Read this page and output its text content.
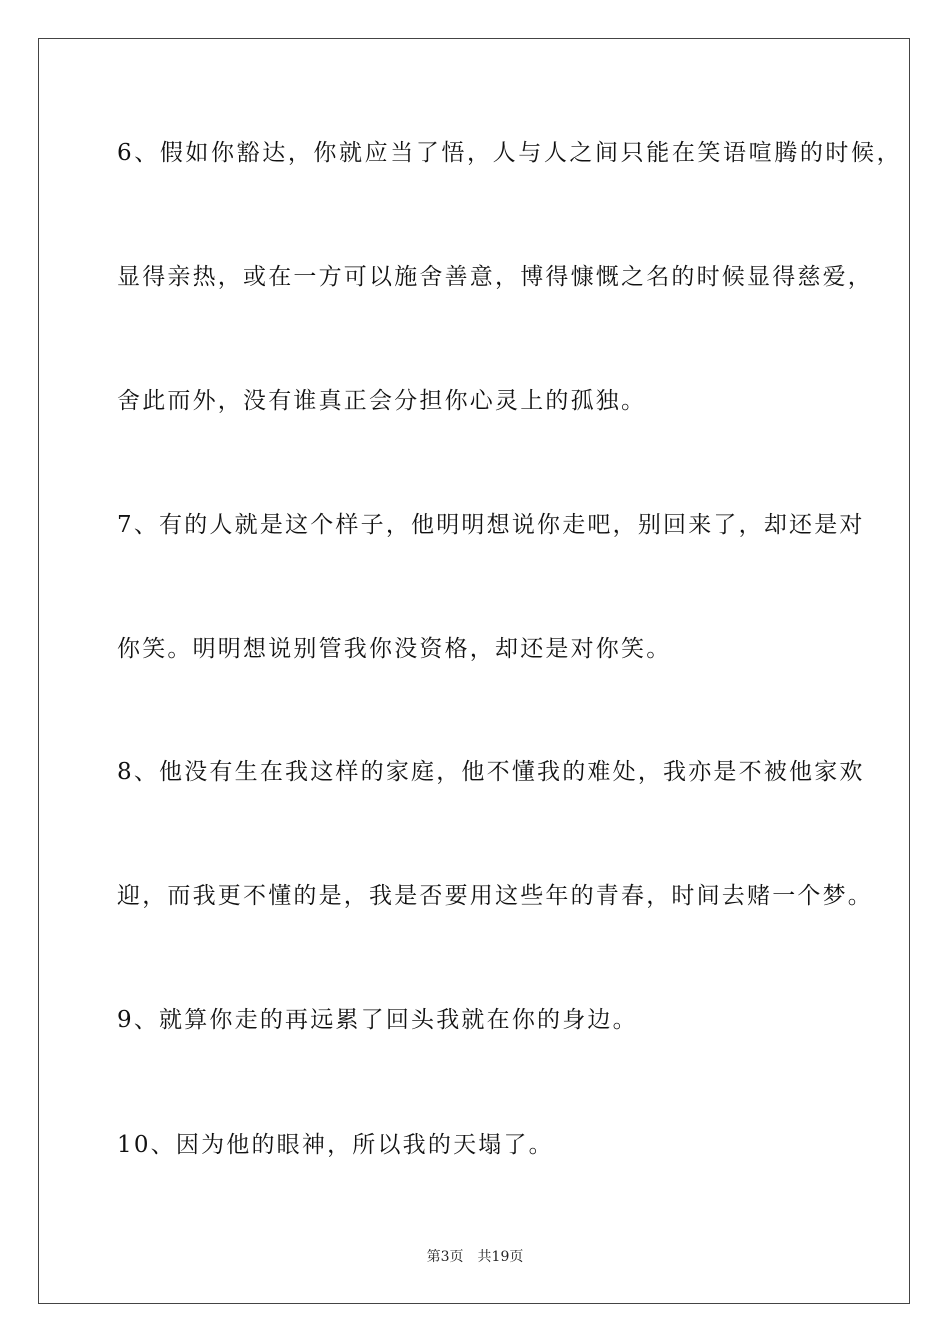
6、假如你豁达，你就应当了悟，人与人之间只能在笑语喧腾的时候，
显得亲热，或在一方可以施舍善意，博得慷慨之名的时候显得慈爱，
舍此而外，没有谁真正会分担你心灵上的孤独。
7、有的人就是这个样子，他明明想说你走吧，别回来了，却还是对
你笑。明明想说别管我你没资格，却还是对你笑。
8、他没有生在我这样的家庭，他不懂我的难处，我亦是不被他家欢
迎，而我更不懂的是，我是否要用这些年的青春，时间去赌一个梦。
9、就算你走的再远累了回头我就在你的身边。
10、因为他的眼神，所以我的天塌了。
第3页 共19页
